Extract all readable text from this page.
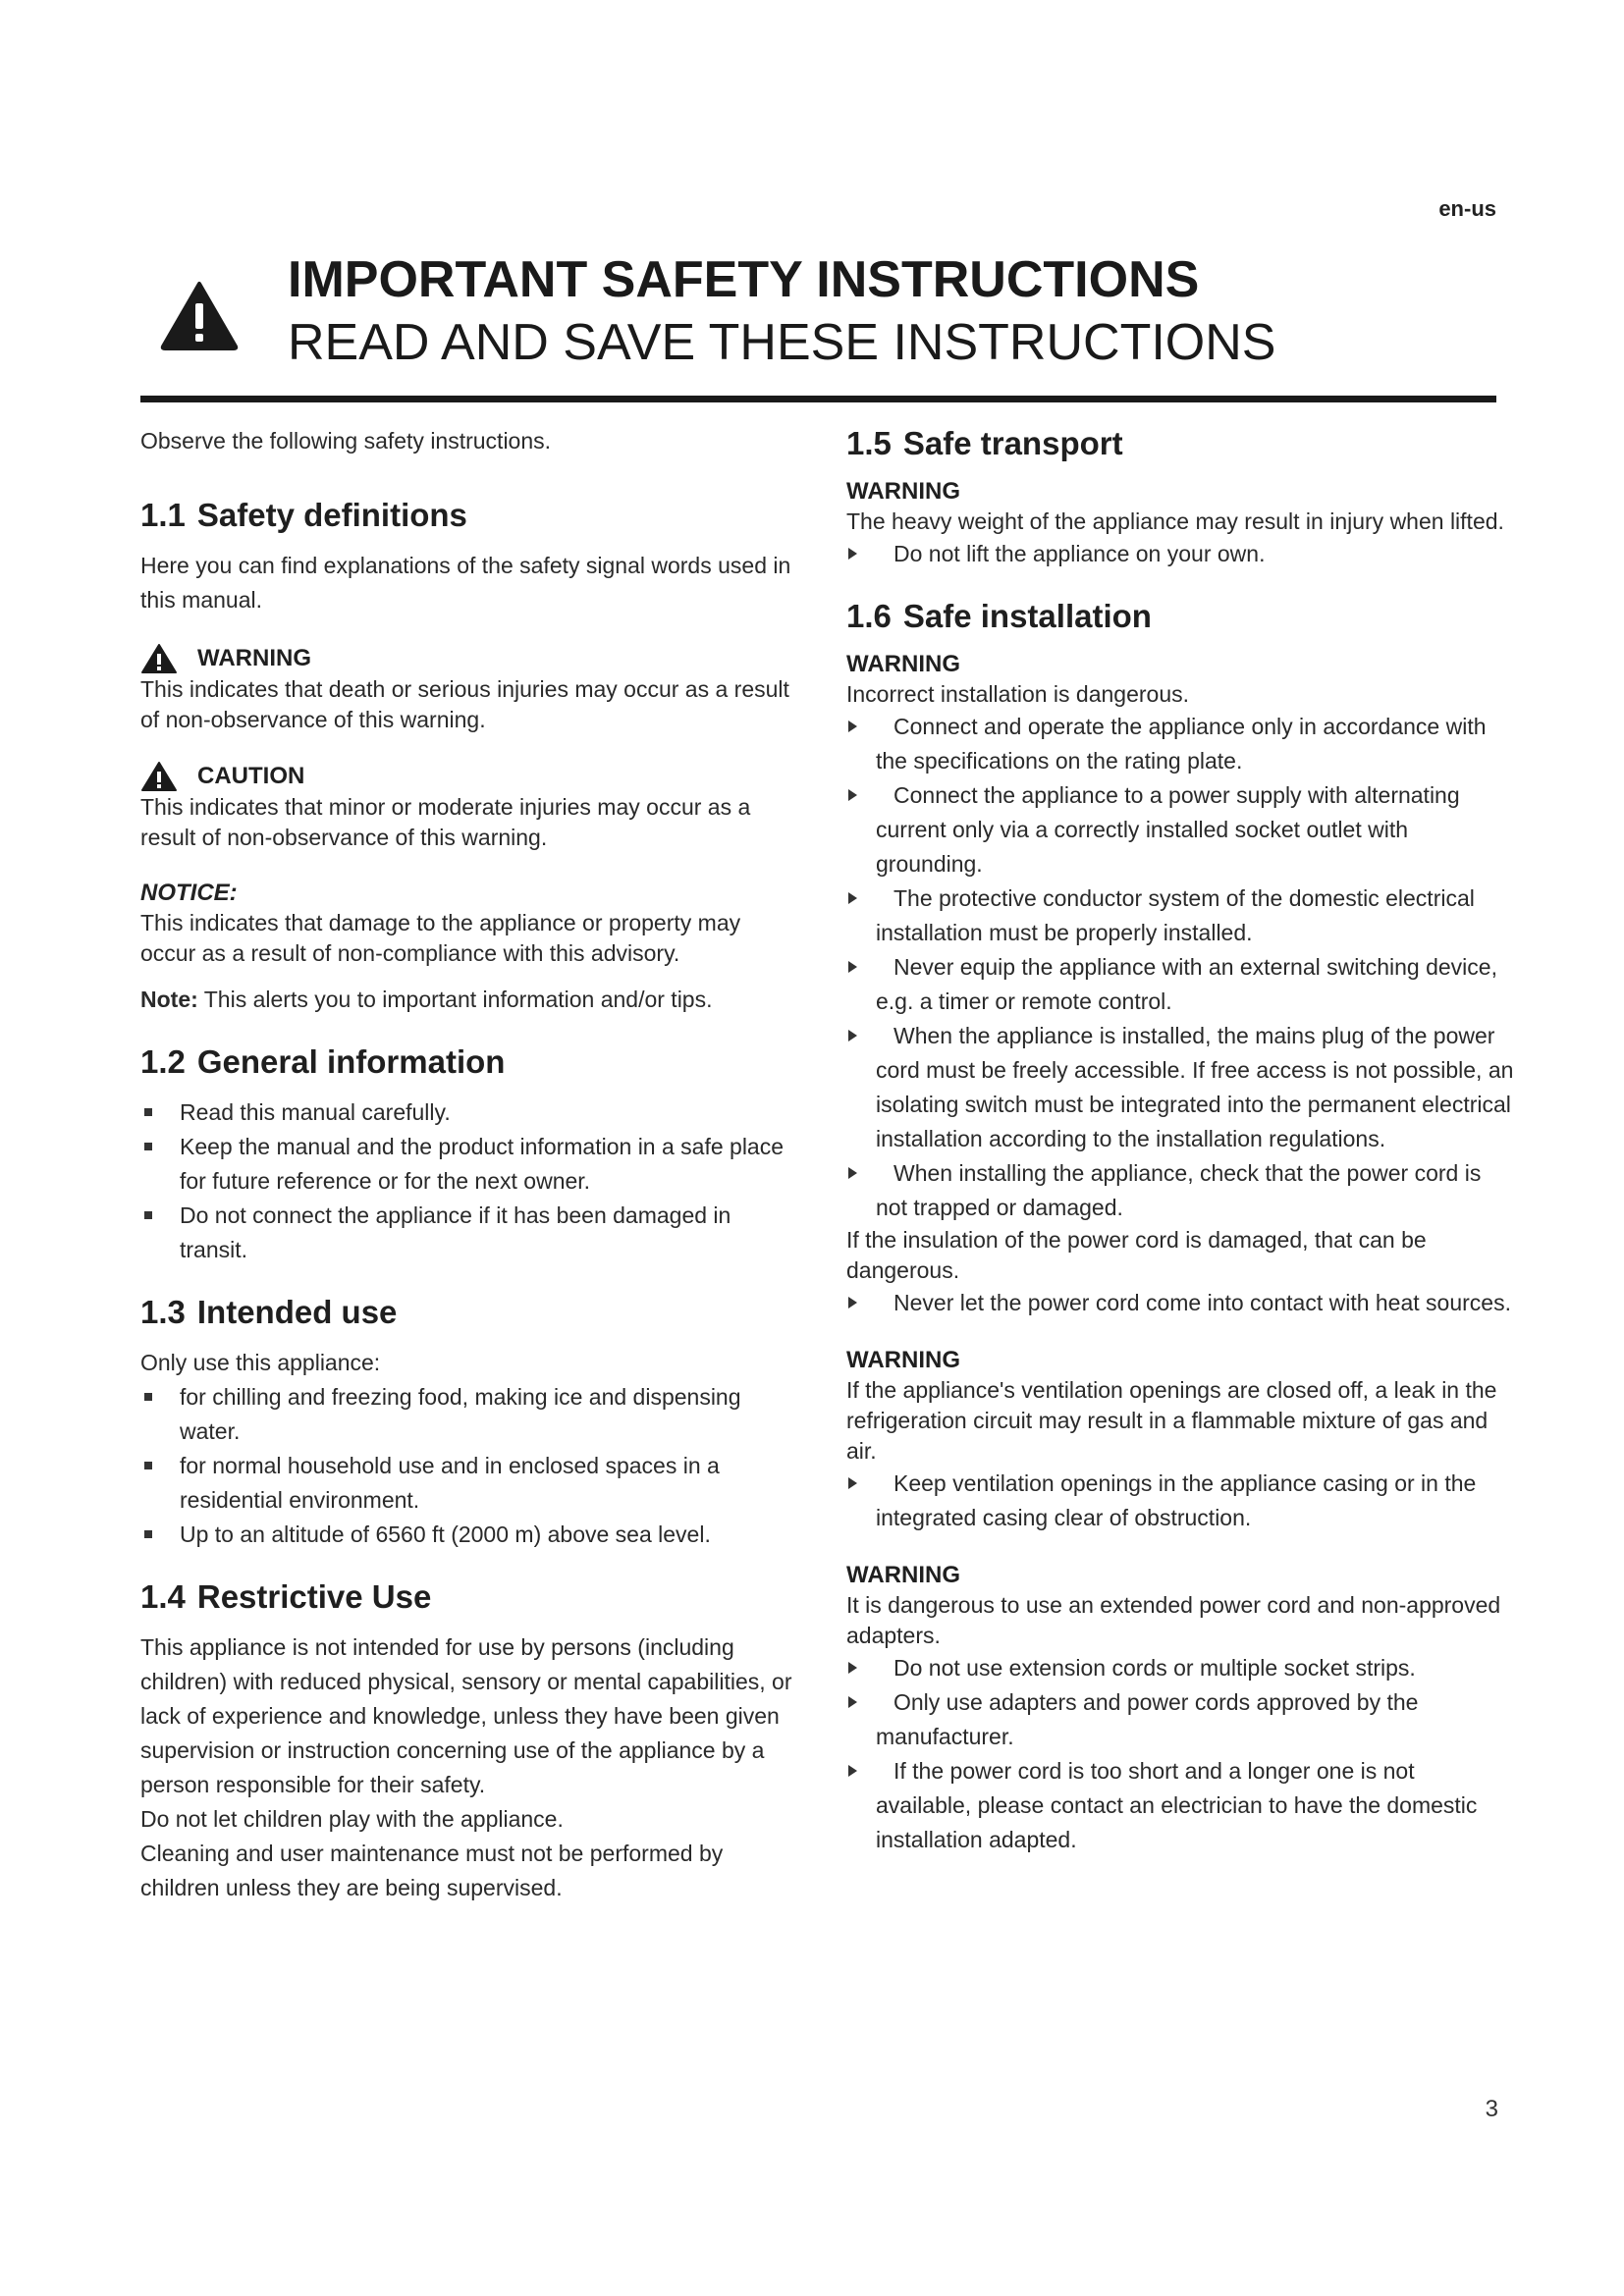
en-us
IMPORTANT SAFETY INSTRUCTIONS
READ AND SAVE THESE INSTRUCTIONS

Observe the following safety instructions.

1.1 Safety definitions

Here you can find explanations of the safety signal words used in this manual.

WARNING

This indicates that death or serious injuries may occur as a result of non-observance of this warning.

CAUTION

This indicates that minor or moderate injuries may occur as a result of non-observance of this warning.

NOTICE:

This indicates that damage to the appliance or property may occur as a result of non-compliance with this advisory.

Note: This alerts you to important information and/or tips.

1.2 General information
Read this manual carefully.
Keep the manual and the product information in a safe place for future reference or for the next owner.
Do not connect the appliance if it has been damaged in transit.
1.3 Intended use

Only use this appliance:

for chilling and freezing food, making ice and dispensing water.
for normal household use and in enclosed spaces in a residential environment.
Up to an altitude of 6560 ft (2000 m) above sea level.
1.4 Restrictive Use

This appliance is not intended for use by persons (including children) with reduced physical, sensory or mental capabilities, or lack of experience and knowledge, unless they have been given supervision or instruction concerning use of the appliance by a person responsible for their safety.

Do not let children play with the appliance.

Cleaning and user maintenance must not be performed by children unless they are being supervised.

1.5 Safe transport

WARNING

The heavy weight of the appliance may result in injury when lifted.

Do not lift the appliance on your own.
1.6 Safe installation

WARNING

Incorrect installation is dangerous.

Connect and operate the appliance only in accordance with the specifications on the rating plate.
Connect the appliance to a power supply with alternating current only via a correctly installed socket outlet with grounding.
The protective conductor system of the domestic electrical installation must be properly installed.
Never equip the appliance with an external switching device, e.g. a timer or remote control.
When the appliance is installed, the mains plug of the power cord must be freely accessible. If free access is not possible, an isolating switch must be integrated into the permanent electrical installation according to the installation regulations.
When installing the appliance, check that the power cord is not trapped or damaged.

If the insulation of the power cord is damaged, that can be dangerous.

Never let the power cord come into contact with heat sources.

WARNING

If the appliance's ventilation openings are closed off, a leak in the refrigeration circuit may result in a flammable mixture of gas and air.

Keep ventilation openings in the appliance casing or in the integrated casing clear of obstruction.

WARNING

It is dangerous to use an extended power cord and non-approved adapters.

Do not use extension cords or multiple socket strips.
Only use adapters and power cords approved by the manufacturer.
If the power cord is too short and a longer one is not available, please contact an electrician to have the domestic installation adapted.
3
